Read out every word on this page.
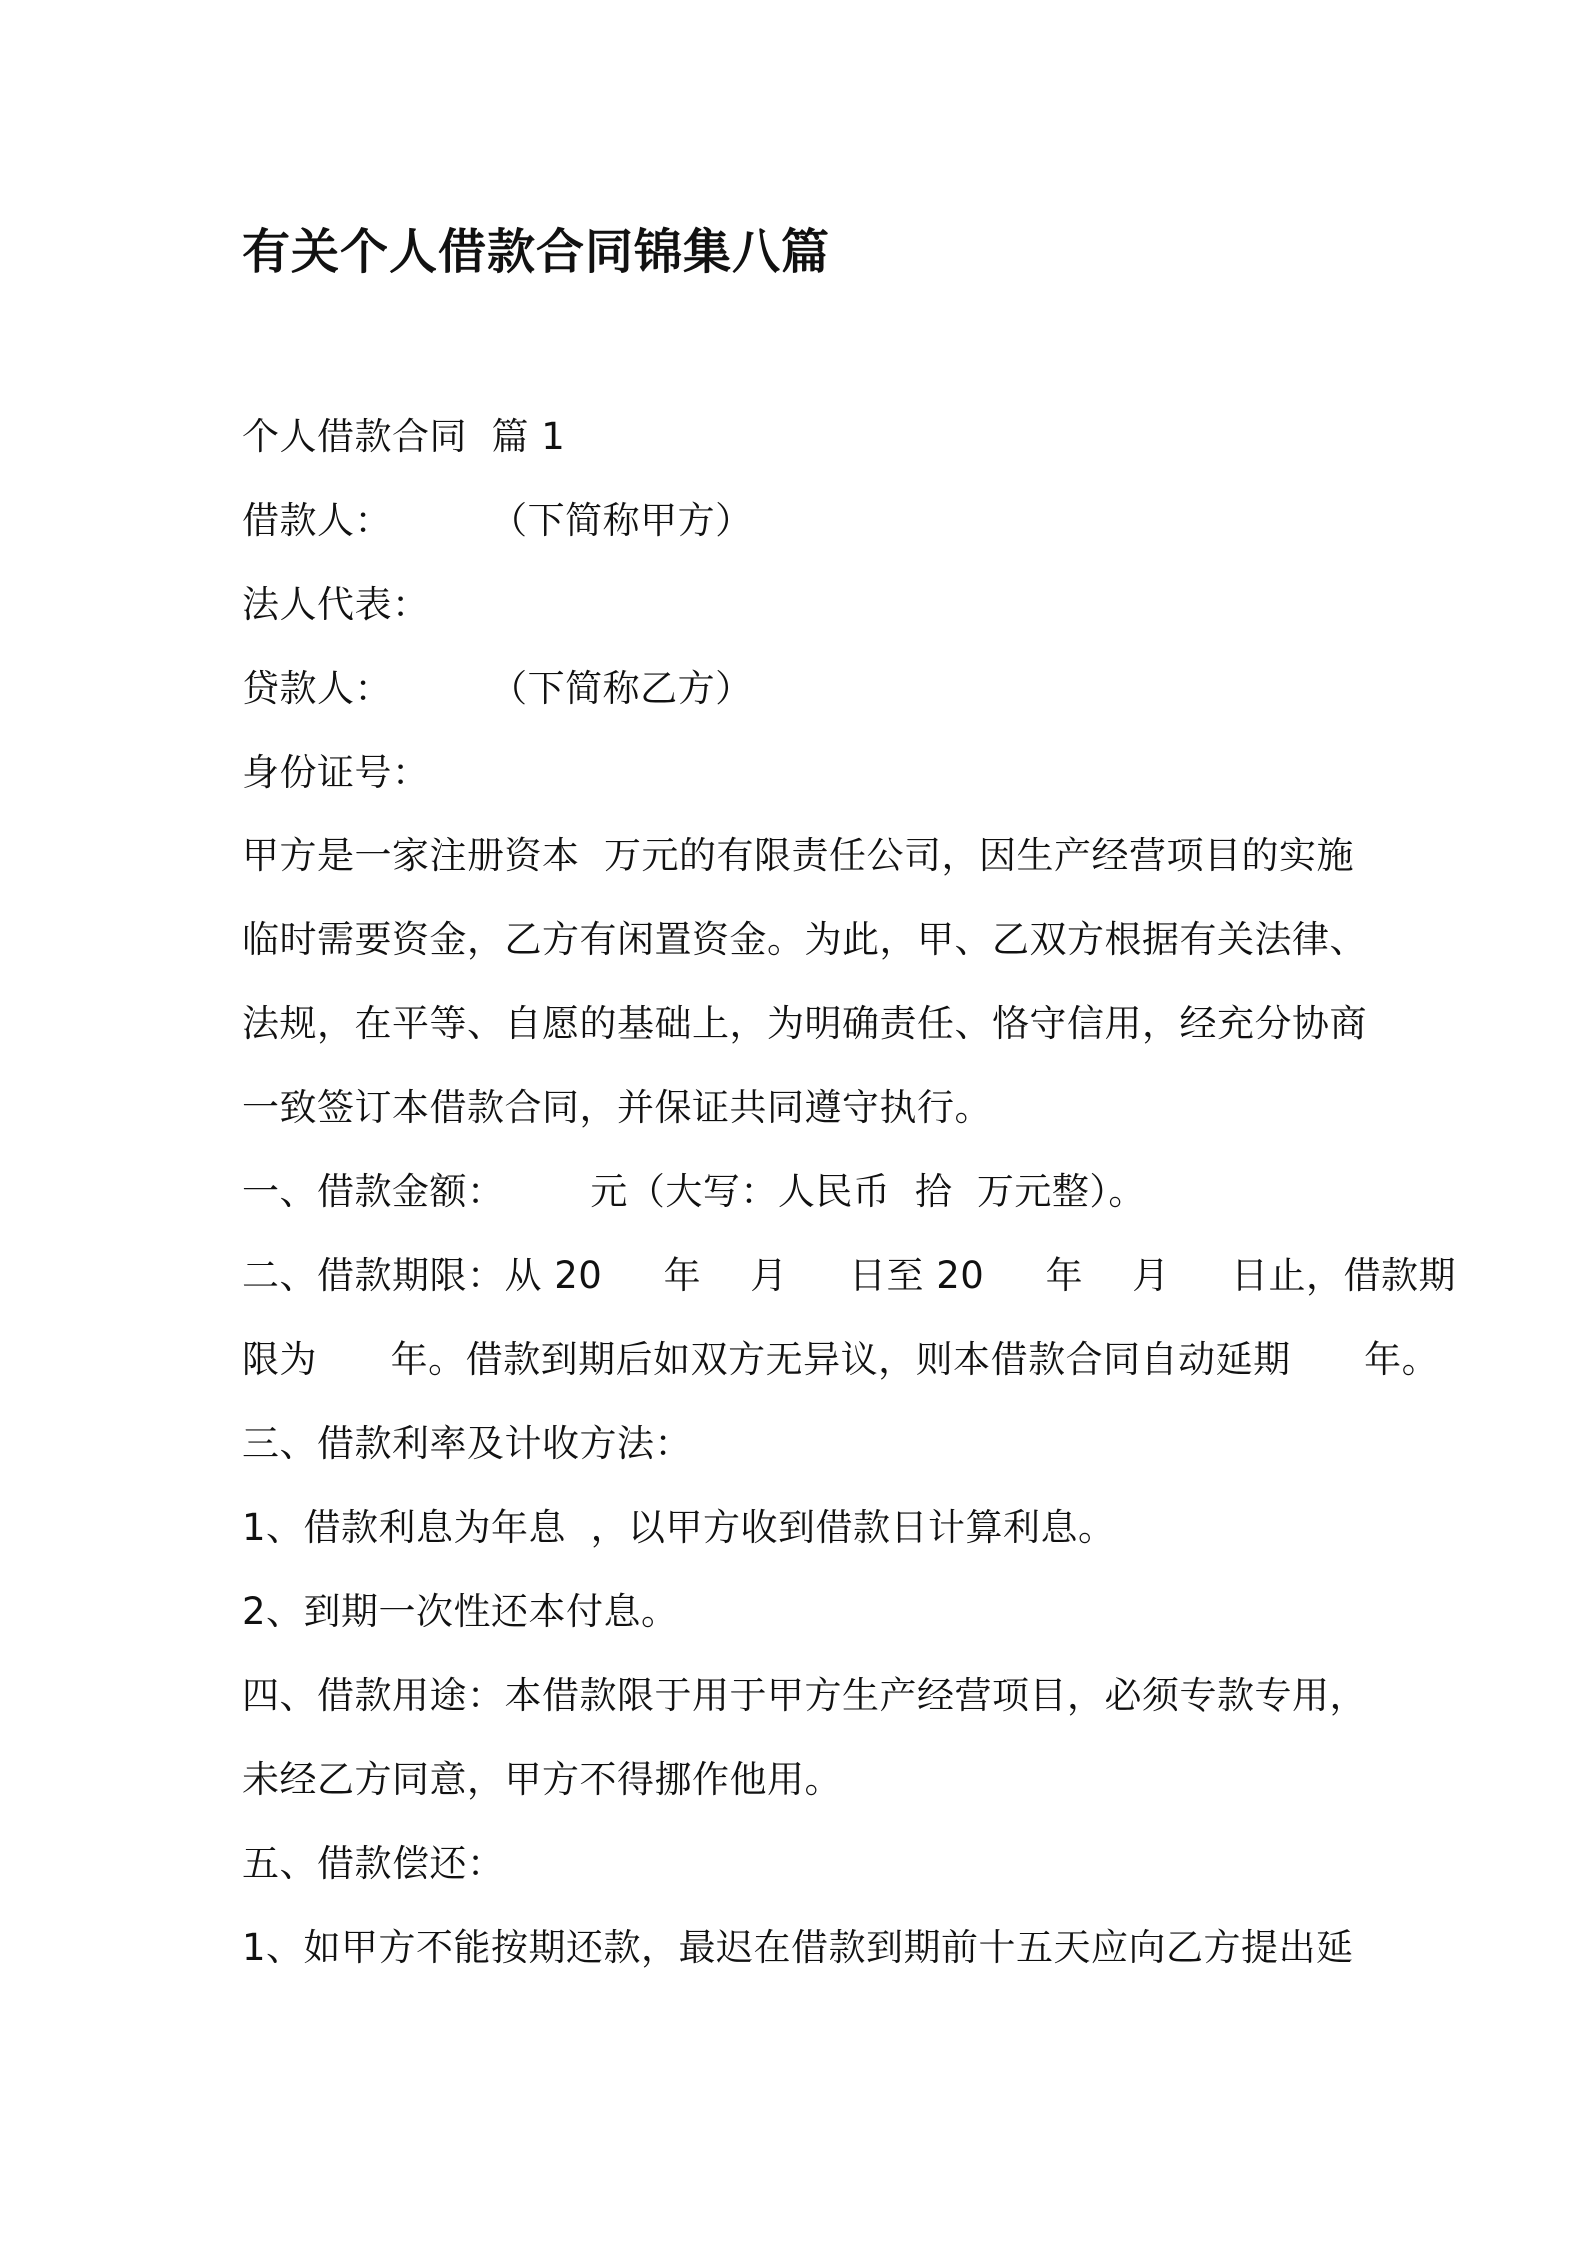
有关个人借款合同锦集八篇
个人借款合同  篇 1
借款人：        （下简称甲方）
法人代表：
贷款人：        （下简称乙方）
身份证号：
甲方是一家注册资本  万元的有限责任公司，因生产经营项目的实施
临时需要资金，乙方有闲置资金。为此，甲、乙双方根据有关法律、
法规，在平等、自愿的基础上，为明确责任、恪守信用，经充分协商
一致签订本借款合同，并保证共同遵守执行。
一、借款金额：       元（大写：人民币  拾  万元整）。
二、借款期限：从 20     年    月     日至 20     年    月     日止，借款期
限为      年。借款到期后如双方无异议，则本借款合同自动延期      年。
三、借款利率及计收方法：
1、借款利息为年息  ，以甲方收到借款日计算利息。
2、到期一次性还本付息。
四、借款用途：本借款限于用于甲方生产经营项目，必须专款专用，
未经乙方同意，甲方不得挪作他用。
五、借款偿还：
1、如甲方不能按期还款，最迟在借款到期前十五天应向乙方提出延
